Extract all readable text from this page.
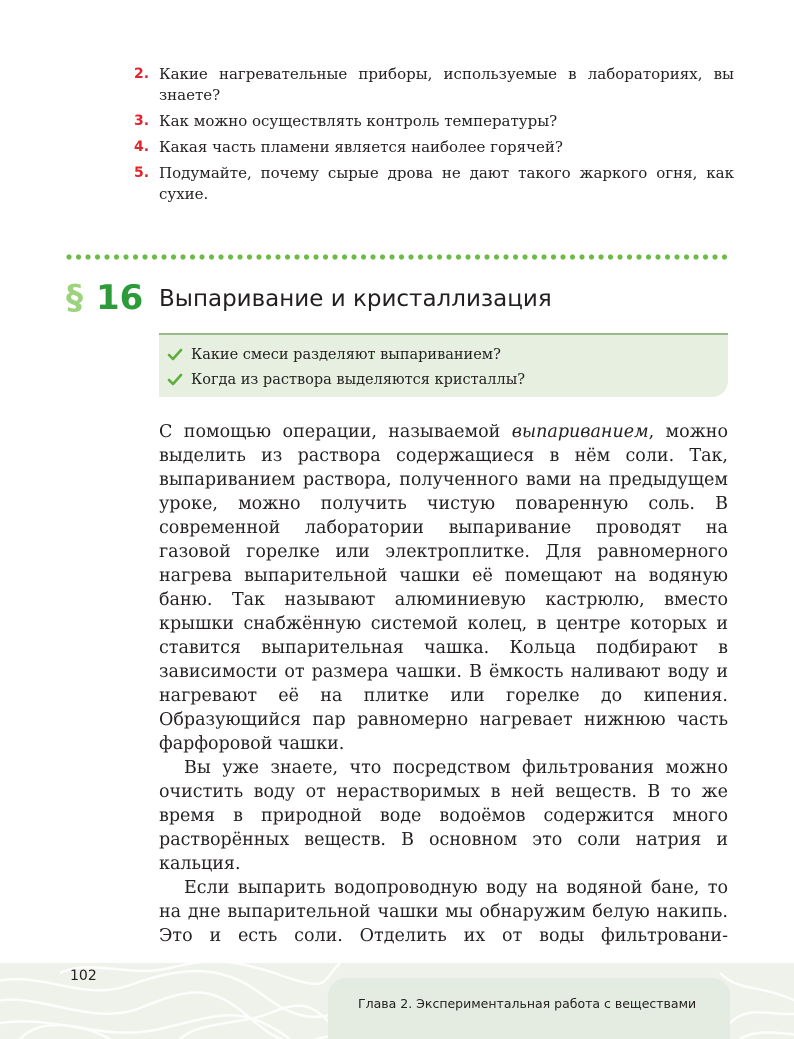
2. Какие нагревательные приборы, используемые в лабораториях, вы знаете?
3. Как можно осуществлять контроль температуры?
4. Какая часть пламени является наиболее горячей?
5. Подумайте, почему сырые дрова не дают такого жаркого огня, как сухие.
§ 16 Выпаривание и кристаллизация
Какие смеси разделяют выпариванием?
Когда из раствора выделяются кристаллы?

С помощью операции, называемой выпариванием, можно выделить из раствора содержащиеся в нём соли. Так, выпариванием раствора, полученного вами на предыдущем уроке, можно получить чистую поваренную соль. В современной лаборатории выпаривание проводят на газовой горелке или электроплитке. Для равномерного нагрева выпарительной чашки её помещают на водяную баню. Так называют алюминиевую кастрюлю, вместо крышки снабжённую системой колец, в центре которых и ставится выпарительная чашка. Кольца подбирают в зависимости от размера чашки. В ёмкость наливают воду и нагревают её на плитке или горелке до кипения. Образующийся пар равномерно нагревает нижнюю часть фарфоровой чашки.

Вы уже знаете, что посредством фильтрования можно очистить воду от нерастворимых в ней веществ. В то же время в природной воде водоёмов содержится много растворённых веществ. В основном это соли натрия и кальция.

Если выпарить водопроводную воду на водяной бане, то на дне выпарительной чашки мы обнаружим белую накипь. Это и есть соли. Отделить их от воды фильтровани-

102
Глава 2. Экспериментальная работа с веществами
